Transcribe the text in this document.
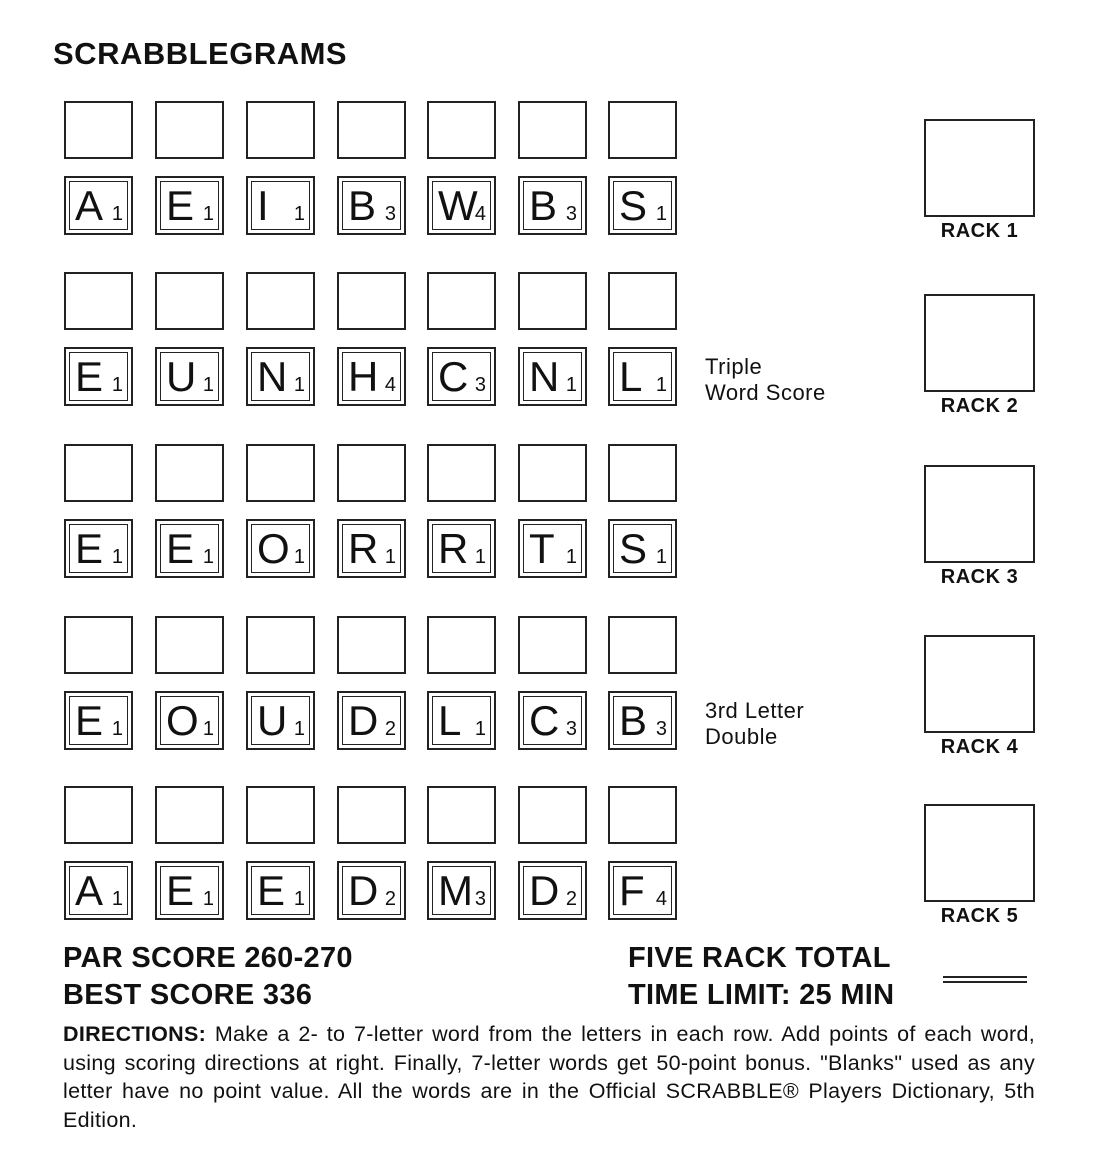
SCRABBLEGRAMS
A 1 E 1 I 1 B 3 W
4 B 3 S 1
E 1 U 1 N 1 H 4 C 3 N 1 L 1
Triple
Word Score
E 1 E 1 O 1 R 1 R 1 T 1 S 1
E 1 O 1 U 1 D 2 L 1 C 3 B 3
3rd Letter
Double
A 1 E 1 E 1 D 2 M 3 D 2 F 4
RACK 1
RACK 2
RACK 3
RACK 4
RACK 5
PAR SCORE 260-270
BEST SCORE 336
FIVE RACK TOTAL
TIME LIMIT: 25 MIN
DIRECTIONS: Make a 2- to 7-letter word from the letters in each row. Add points of each word, using scoring directions at right. Finally, 7-letter words get 50-point bonus. "Blanks" used as any letter have no point value. All the words are in the Official SCRABBLE® Players Dictionary, 5th Edition.
